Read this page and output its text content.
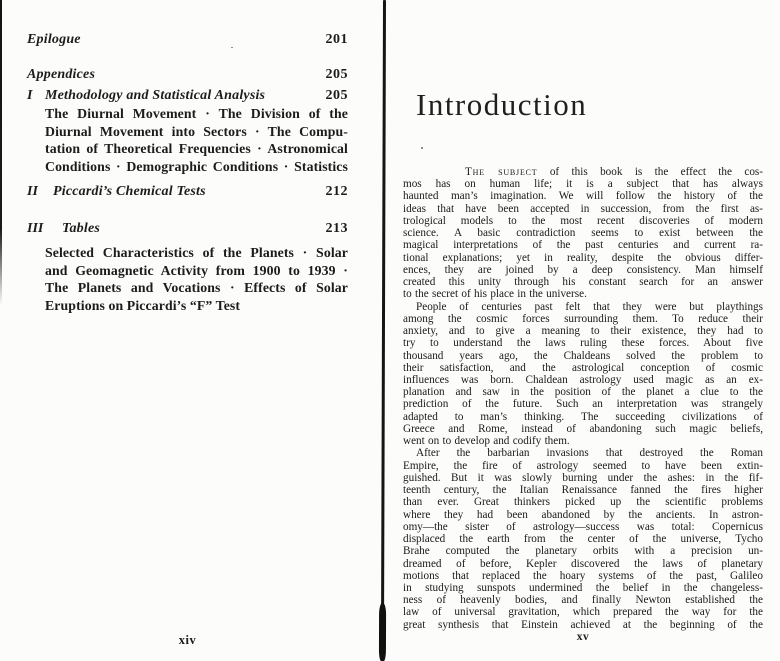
Epilogue	201
Appendices	205
I Methodology and Statistical Analysis	205
The Diurnal Movement · The Division of the
Diurnal Movement into Sectors · The Compu-
tation of Theoretical Frequencies · Astronomical
Conditions · Demographic Conditions · Statistics
II	Piccardi’s Chemical Tests	212
III	Tables	213
Selected Characteristics of the Planets · Solar
and Geomagnetic Activity from 1900 to 1939 ·
The Planets and Vocations · Effects of Solar
Eruptions on Piccardi’s “F” Test
xiv
Introduction
The subject of this book is the effect the cos-
mos has on human life; it is a subject that has always
haunted man’s imagination. We will follow the history of the
ideas that have been accepted in succession, from the first as-
trological models to the most recent discoveries of modern
science. A basic contradiction seems to exist between the
magical interpretations of the past centuries and current ra-
tional explanations; yet in reality, despite the obvious differ-
ences, they are joined by a deep consistency. Man himself
created this unity through his constant search for an answer
to the secret of his place in the universe.
People of centuries past felt that they were but playthings
among the cosmic forces surrounding them. To reduce their
anxiety, and to give a meaning to their existence, they had to
try to understand the laws ruling these forces. About five
thousand years ago, the Chaldeans solved the problem to
their satisfaction, and the astrological conception of cosmic
influences was born. Chaldean astrology used magic as an ex-
planation and saw in the position of the planet a clue to the
prediction of the future. Such an interpretation was strangely
adapted to man’s thinking. The succeeding civilizations of
Greece and Rome, instead of abandoning such magic beliefs,
went on to develop and codify them.
After the barbarian invasions that destroyed the Roman
Empire, the fire of astrology seemed to have been extin-
guished. But it was slowly burning under the ashes: in the fif-
teenth century, the Italian Renaissance fanned the fires higher
than ever. Great thinkers picked up the scientific problems
where they had been abandoned by the ancients. In astron-
omy—the sister of astrology—success was total: Copernicus
displaced the earth from the center of the universe, Tycho
Brahe computed the planetary orbits with a precision un-
dreamed of before, Kepler discovered the laws of planetary
motions that replaced the hoary systems of the past, Galileo
in studying sunspots undermined the belief in the changeless-
ness of heavenly bodies, and finally Newton established the
law of universal gravitation, which prepared the way for the
great synthesis that Einstein achieved at the beginning of the
xv
